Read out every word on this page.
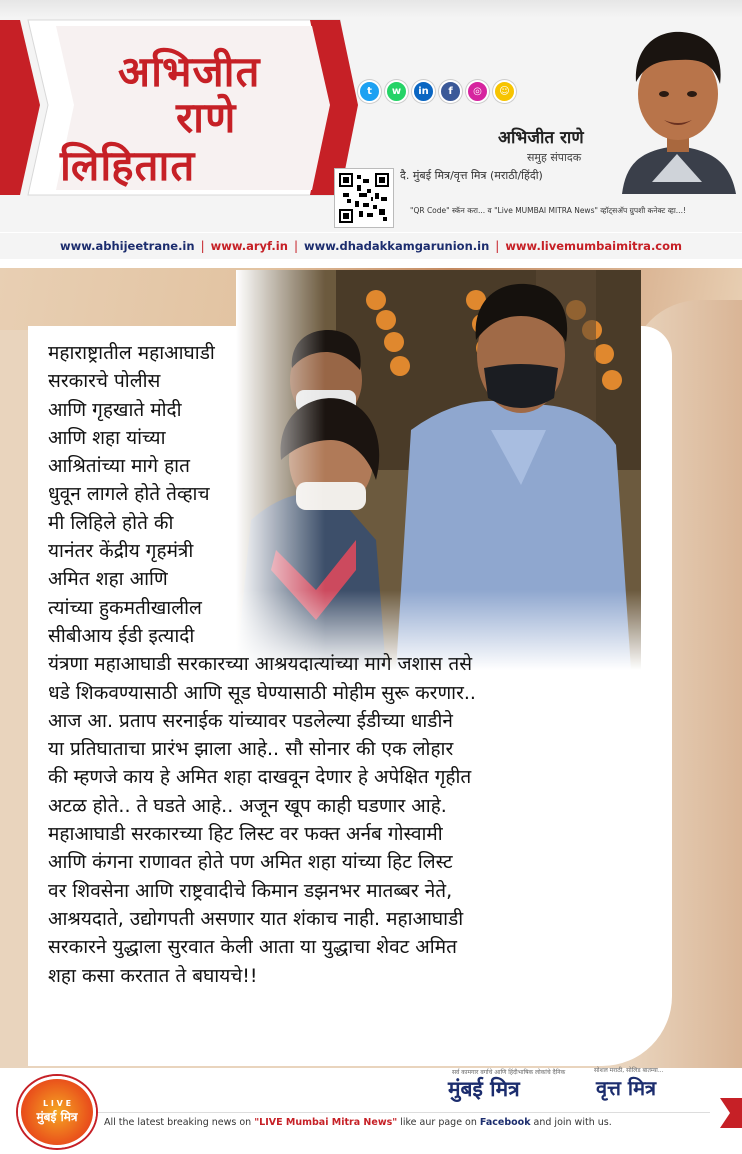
अभिजीत
राणे
लिहितात
t	w	in	f	◎	☺
अभिजीत राणे
समुह संपादक
दै. मुंबई मित्र/वृत्त मित्र (मराठी/हिंदी)
"QR Code" स्कॅन करा... व "Live MUMBAI MITRA News" व्हॉट्सअ‍ॅप ग्रुपशी कनेक्ट व्हा...!
www.abhijeetrane.in | www.aryf.in | www.dhadakkamgarunion.in | www.livemumbaimitra.com
महाराष्ट्रातील महाआघाडी
सरकारचे पोलीस
आणि गृहखाते मोदी
आणि शहा यांच्या
आश्रितांच्या मागे हात
धुवून लागले होते तेव्हाच
मी लिहिले होते की
यानंतर केंद्रीय गृहमंत्री
अमित शहा आणि
त्यांच्या हुकमतीखालील
सीबीआय ईडी इत्यादी
यंत्रणा महाआघाडी सरकारच्या आश्रयदात्यांच्या मागे जशास तसे
धडे शिकवण्यासाठी आणि सूड घेण्यासाठी मोहीम सुरू करणार..
आज आ. प्रताप सरनाईक यांच्यावर पडलेल्या ईडीच्या धाडीने
या प्रतिघाताचा प्रारंभ झाला आहे.. सौ सोनार की एक लोहार
की म्हणजे काय हे अमित शहा दाखवून देणार हे अपेक्षित गृहीत
अटळ होते.. ते घडते आहे.. अजून खूप काही घडणार आहे.
महाआघाडी सरकारच्या हिट लिस्ट वर फक्त अर्नब गोस्वामी
आणि कंगना राणावत होते पण अमित शहा यांच्या हिट लिस्ट
वर शिवसेना आणि राष्ट्रवादीचे किमान डझनभर मातब्बर नेते,
आश्रयदाते, उद्योगपती असणार यात शंकाच नाही. महाआघाडी
सरकारने युद्धाला सुरवात केली आता या युद्धाचा शेवट अमित
शहा कसा करतात ते बघायचे!!
L I V E
मुंबई मित्र
सर्व कामगार वर्गाचे आणि हिंदीभाषिक लोकांचे दैनिक
मुंबई मित्र
सोशल मराठी, सोलिड बातम्या...
वृत्त मित्र
All the latest breaking news on "LIVE Mumbai Mitra News" like aur page on Facebook and join with us.
